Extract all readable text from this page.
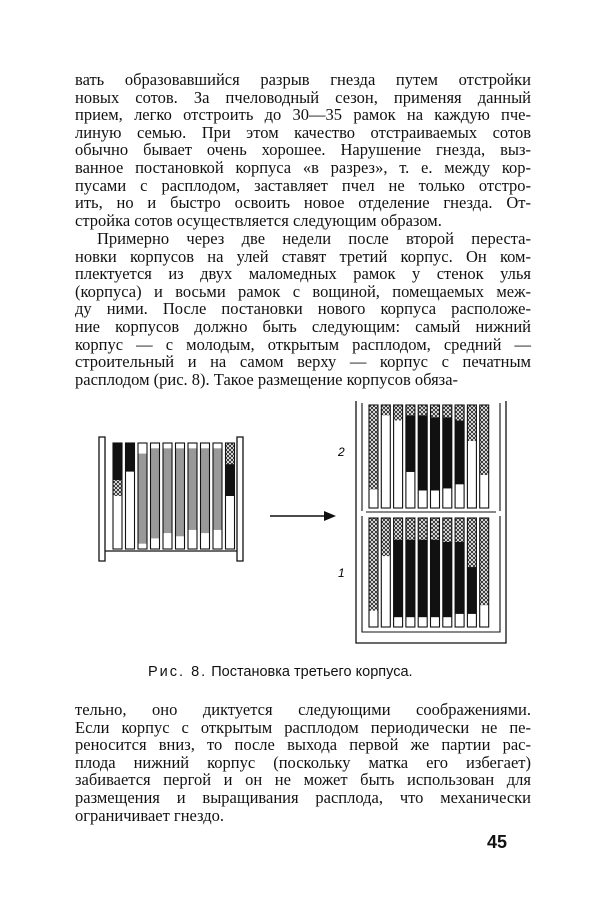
вать образовавшийся разрыв гнезда путем отстройки
новых сотов. За пчеловодный сезон, применяя данный
прием, легко отстроить до 30—35 рамок на каждую пче-
линую семью. При этом качество отстраиваемых сотов
обычно бывает очень хорошее. Нарушение гнезда, выз-
ванное постановкой корпуса «в разрез», т. е. между кор-
пусами с расплодом, заставляет пчел не только отстро-
ить, но и быстро освоить новое отделение гнезда. От-
стройка сотов осуществляется следующим образом.
Примерно через две недели после второй переста-
новки корпусов на улей ставят третий корпус. Он ком-
плектуется из двух маломедных рамок у стенок улья
(корпуса) и восьми рамок с вощиной, помещаемых меж-
ду ними. После постановки нового корпуса расположе-
ние корпусов должно быть следующим: самый нижний
корпус — с молодым, открытым расплодом, средний —
строительный и на самом верху — корпус с печатным
расплодом (рис. 8). Такое размещение корпусов обяза-
тельно, оно диктуется следующими соображениями.
Если корпус с открытым расплодом периодически не пе-
реносится вниз, то после выхода первой же партии рас-
плода нижний корпус (поскольку матка его избегает)
забивается пергой и он не может быть использован для
размещения и выращивания расплода, что механически
ограничивает гнездо.
2
1
Рис. 8. Постановка третьего корпуса.
45
